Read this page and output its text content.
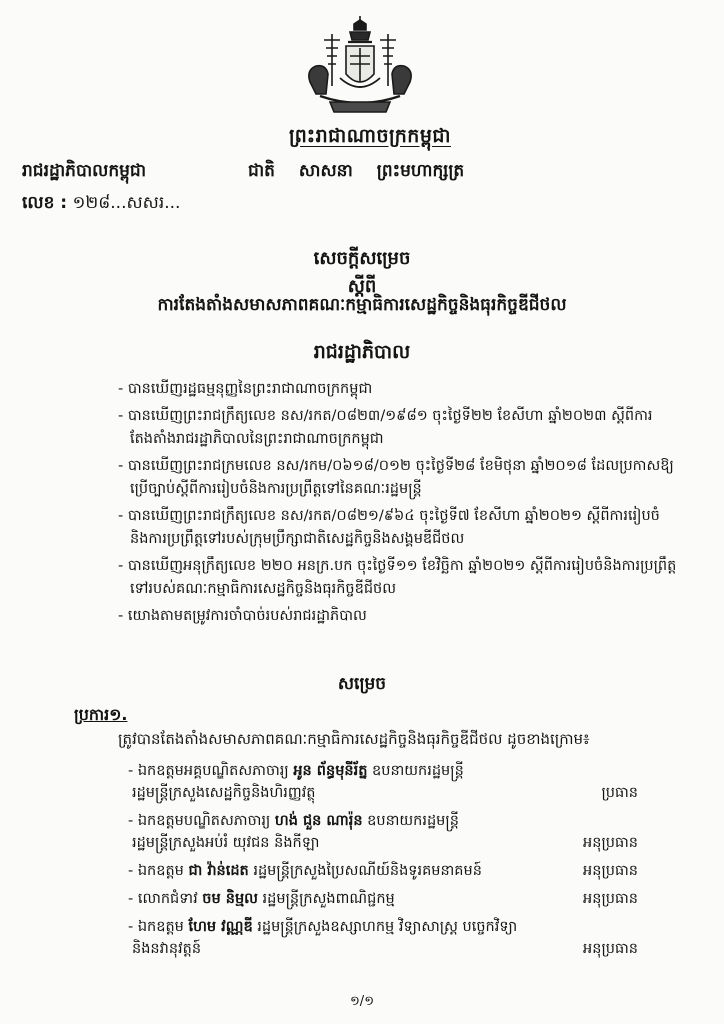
ព្រះរាជាណាចក្រកម្ពុជា
រាជរដ្ឋាភិបាលកម្ពុជា	ជាតិ សាសនា ព្រះមហាក្សត្រ
លេខ : ១២៨...សសរ...
សេចក្តីសម្រេច
ស្តីពី
ការតែងតាំងសមាសភាពគណៈកម្មាធិការសេដ្ឋកិច្ចនិងធុរកិច្ចឌីជីថល
រាជរដ្ឋាភិបាល
- បានឃើញរដ្ឋធម្មនុញ្ញនៃព្រះរាជាណាចក្រកម្ពុជា
- បានឃើញព្រះរាជក្រឹត្យលេខ នស/រកត/០៨២៣/១៩៨១ ចុះថ្ងៃទី២២ ខែសីហា ឆ្នាំ២០២៣ ស្តីពីការតែងតាំងរាជរដ្ឋាភិបាលនៃព្រះរាជាណាចក្រកម្ពុជា
- បានឃើញព្រះរាជក្រមលេខ នស/រកម/០៦១៨/០១២ ចុះថ្ងៃទី២៨ ខែមិថុនា ឆ្នាំ២០១៨ ដែលប្រកាសឱ្យប្រើច្បាប់ស្តីពីការរៀបចំនិងការប្រព្រឹត្តទៅនៃគណៈរដ្ឋមន្ត្រី
- បានឃើញព្រះរាជក្រឹត្យលេខ នស/រកត/០៨២១/៩៦៤ ចុះថ្ងៃទី៧ ខែសីហា ឆ្នាំ២០២១ ស្តីពីការរៀបចំនិងការប្រព្រឹត្តទៅរបស់ក្រុមប្រឹក្សាជាតិសេដ្ឋកិច្ចនិងសង្គមឌីជីថល
- បានឃើញអនុក្រឹត្យលេខ ២២០ អនក្រ.បក ចុះថ្ងៃទី១១ ខែវិច្ឆិកា ឆ្នាំ២០២១ ស្តីពីការរៀបចំនិងការប្រព្រឹត្តទៅរបស់គណៈកម្មាធិការសេដ្ឋកិច្ចនិងធុរកិច្ចឌីជីថល
- យោងតាមតម្រូវការចាំបាច់របស់រាជរដ្ឋាភិបាល
សម្រេច
ប្រការ១.
ត្រូវបានតែងតាំងសមាសភាពគណៈកម្មាធិការសេដ្ឋកិច្ចនិងធុរកិច្ចឌីជីថល ដូចខាងក្រោម៖
- ឯកឧត្តមអគ្គបណ្ឌិតសភាចារ្យ អូន ព័ន្ធមុនីរ័ត្ន ឧបនាយករដ្ឋមន្ត្រី
រដ្ឋមន្ត្រីក្រសួងសេដ្ឋកិច្ចនិងហិរញ្ញវត្ថុ	ប្រធាន
- ឯកឧត្តមបណ្ឌិតសភាចារ្យ ហង់ ជួន ណារ៉ុន ឧបនាយករដ្ឋមន្ត្រី
រដ្ឋមន្ត្រីក្រសួងអប់រំ យុវជន និងកីឡា	អនុប្រធាន
- ឯកឧត្តម ជា វ៉ាន់ដេត រដ្ឋមន្ត្រីក្រសួងប្រៃសណីយ៍និងទូរគមនាគមន៍	អនុប្រធាន
- លោកជំទាវ ចម និម្មល រដ្ឋមន្ត្រីក្រសួងពាណិជ្ជកម្ម	អនុប្រធាន
- ឯកឧត្តម ហែម វណ្ណឌី រដ្ឋមន្ត្រីក្រសួងឧស្សាហកម្ម វិទ្យាសាស្ត្រ បច្ចេកវិទ្យា
និងនវានុវត្តន៍	អនុប្រធាន
១/១
